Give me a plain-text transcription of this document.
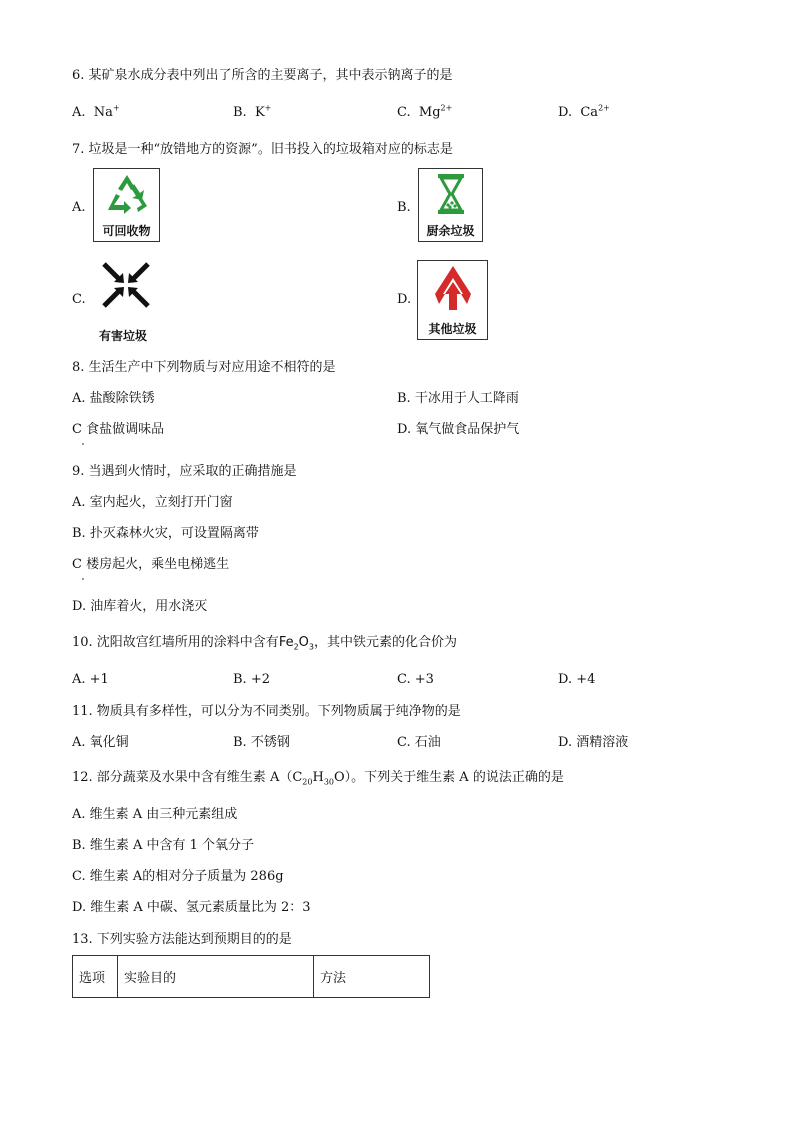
6. 某矿泉水成分表中列出了所含的主要离子，其中表示钠离子的是
A. Na+	B. K+	C. $Mg^{2+}$	D. $Ca^{2+}$
7. 垃圾是一种“放错地方的资源”。旧书投入的垃圾箱对应的标志是
A.
可回收物
B.
厨余垃圾
C.
有害垃圾
D.
其他垃圾
8. 生活生产中下列物质与对应用途不相符的是
A. 盐酸除铁锈	B. 干冰用于人工降雨
C 食盐做调味品	D. 氧气做食品保护气
9. 当遇到火情时，应采取的正确措施是
A. 室内起火，立刻打开门窗
B. 扑灭森林火灾，可设置隔离带
C 楼房起火，乘坐电梯逃生
D. 油库着火，用水浇灭
10. 沈阳故宫红墙所用的涂料中含有$Fe_2O_3$，其中铁元素的化合价为
A. +1	B. +2	C. +3	D. +4
11. 物质具有多样性，可以分为不同类别。下列物质属于纯净物的是
A. 氧化铜	B. 不锈钢	C. 石油	D. 酒精溶液
12. 部分蔬菜及水果中含有维生素 $A(C_{20}H_{30}O)$。下列关于维生素 A 的说法正确的是
A. 维生素 A 由三种元素组成
B. 维生素 A 中含有 1 个氧分子
C. 维生素 A的相对分子质量为 286g
D. 维生素 A 中碳、氢元素质量比为 2：3
13. 下列实验方法能达到预期目的的是
选项	实验目的	方法
